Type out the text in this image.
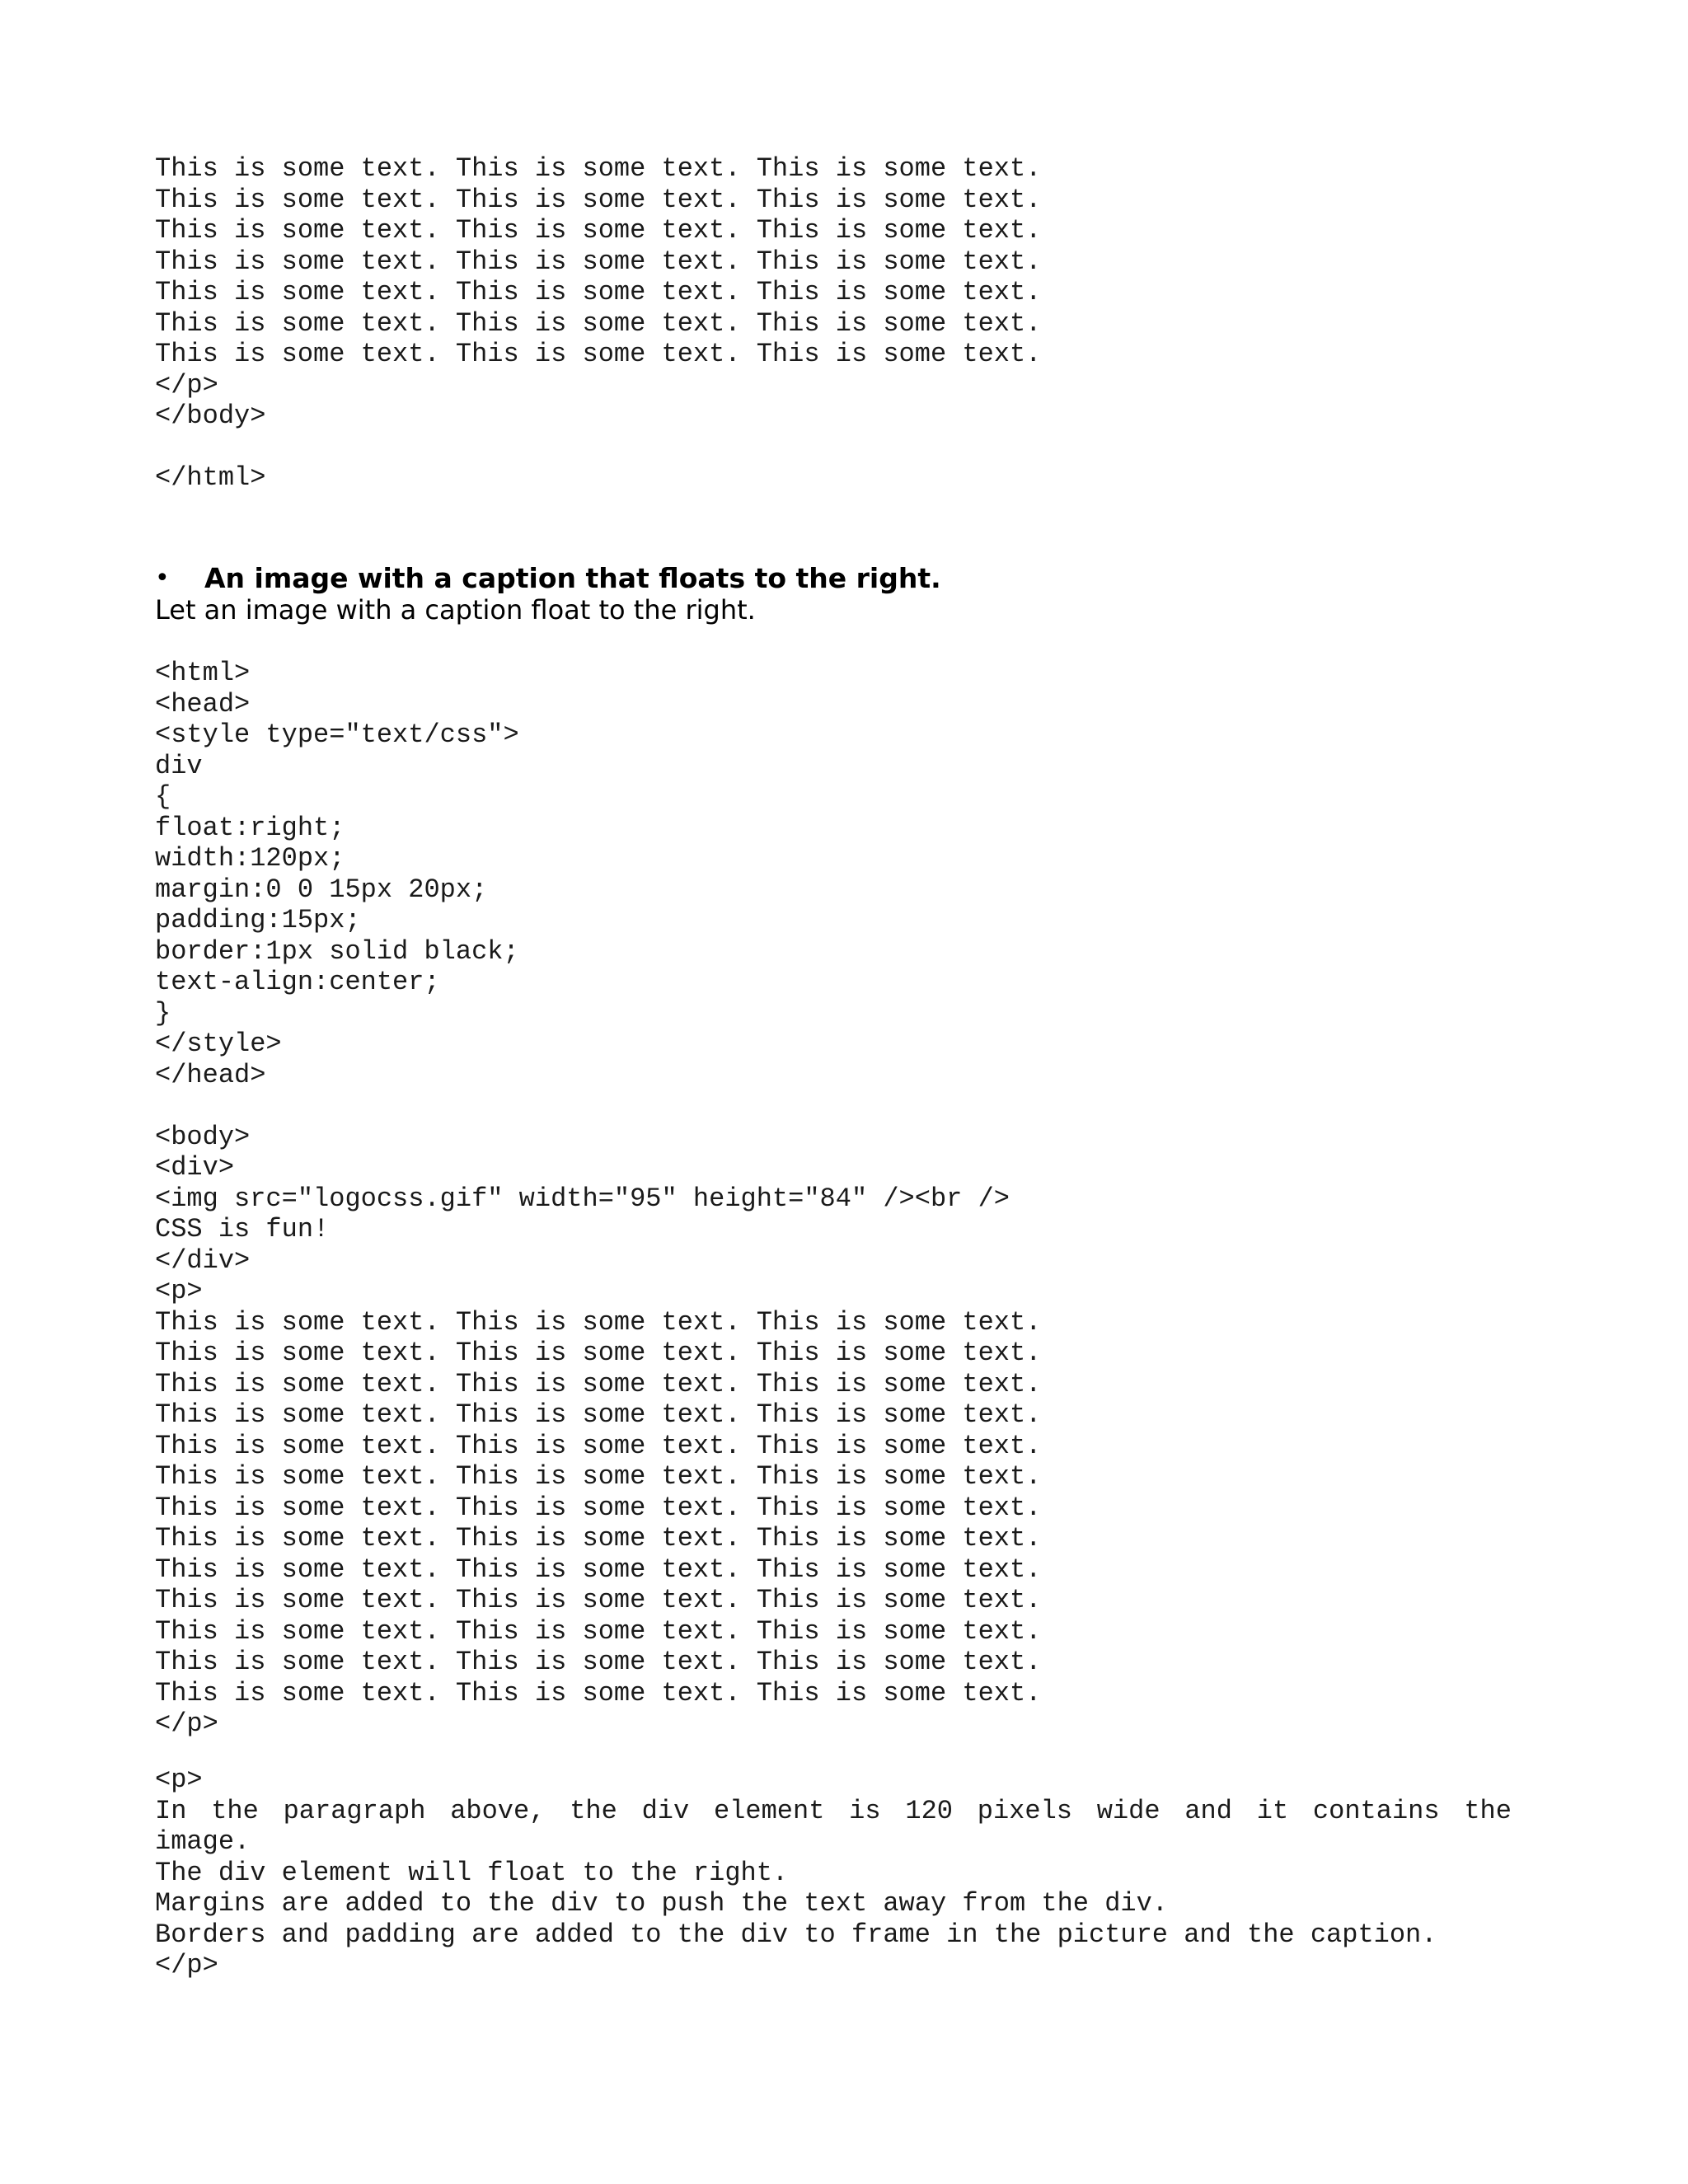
This is some text. This is some text. This is some text.
This is some text. This is some text. This is some text.
This is some text. This is some text. This is some text.
This is some text. This is some text. This is some text.
This is some text. This is some text. This is some text.
This is some text. This is some text. This is some text.
This is some text. This is some text. This is some text.
</p>
</body>
</html>
•	An image with a caption that floats to the right.
Let an image with a caption float to the right.
<html>
<head>
<style type="text/css">
div
{
float:right;
width:120px;
margin:0 0 15px 20px;
padding:15px;
border:1px solid black;
text-align:center;
}
</style>
</head>
<body>
<div>
<img src="logocss.gif" width="95" height="84" /><br />
CSS is fun!
</div>
<p>
This is some text. This is some text. This is some text.
This is some text. This is some text. This is some text.
This is some text. This is some text. This is some text.
This is some text. This is some text. This is some text.
This is some text. This is some text. This is some text.
This is some text. This is some text. This is some text.
This is some text. This is some text. This is some text.
This is some text. This is some text. This is some text.
This is some text. This is some text. This is some text.
This is some text. This is some text. This is some text.
This is some text. This is some text. This is some text.
This is some text. This is some text. This is some text.
This is some text. This is some text. This is some text.
</p>
<p>
In the paragraph above, the div element is 120 pixels wide and it contains the
image.
The div element will float to the right.
Margins are added to the div to push the text away from the div.
Borders and padding are added to the div to frame in the picture and the caption.
</p>
